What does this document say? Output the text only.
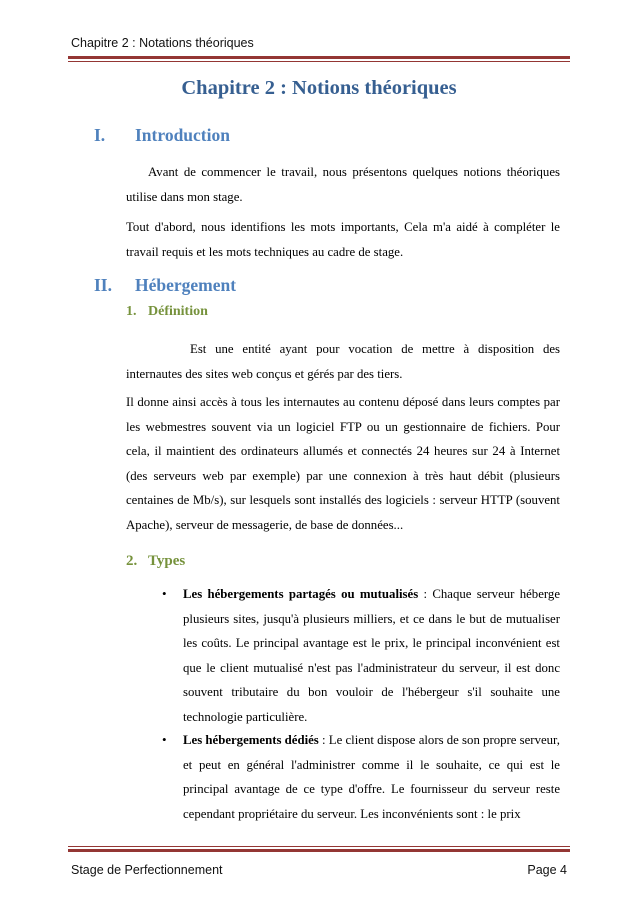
Chapitre 2 : Notations théoriques
Chapitre 2 : Notions théoriques
I. Introduction
Avant de commencer le travail, nous présentons quelques notions théoriques utilise dans mon stage.
Tout d'abord, nous identifions les mots importants, Cela m'a aidé à compléter le travail requis et les mots techniques au cadre de stage.
II. Hébergement
1. Définition
Est une entité ayant pour vocation de mettre à disposition des internautes des sites web conçus et gérés par des tiers.
Il donne ainsi accès à tous les internautes au contenu déposé dans leurs comptes par les webmestres souvent via un logiciel FTP ou un gestionnaire de fichiers. Pour cela, il maintient des ordinateurs allumés et connectés 24 heures sur 24 à Internet (des serveurs web par exemple) par une connexion à très haut débit (plusieurs centaines de Mb/s), sur lesquels sont installés des logiciels : serveur HTTP (souvent Apache), serveur de messagerie, de base de données...
2. Types
• Les hébergements partagés ou mutualisés : Chaque serveur héberge plusieurs sites, jusqu'à plusieurs milliers, et ce dans le but de mutualiser les coûts. Le principal avantage est le prix, le principal inconvénient est que le client mutualisé n'est pas l'administrateur du serveur, il est donc souvent tributaire du bon vouloir de l'hébergeur s'il souhaite une technologie particulière.
• Les hébergements dédiés : Le client dispose alors de son propre serveur, et peut en général l'administrer comme il le souhaite, ce qui est le principal avantage de ce type d'offre. Le fournisseur du serveur reste cependant propriétaire du serveur. Les inconvénients sont : le prix
Stage de Perfectionnement	Page 4
